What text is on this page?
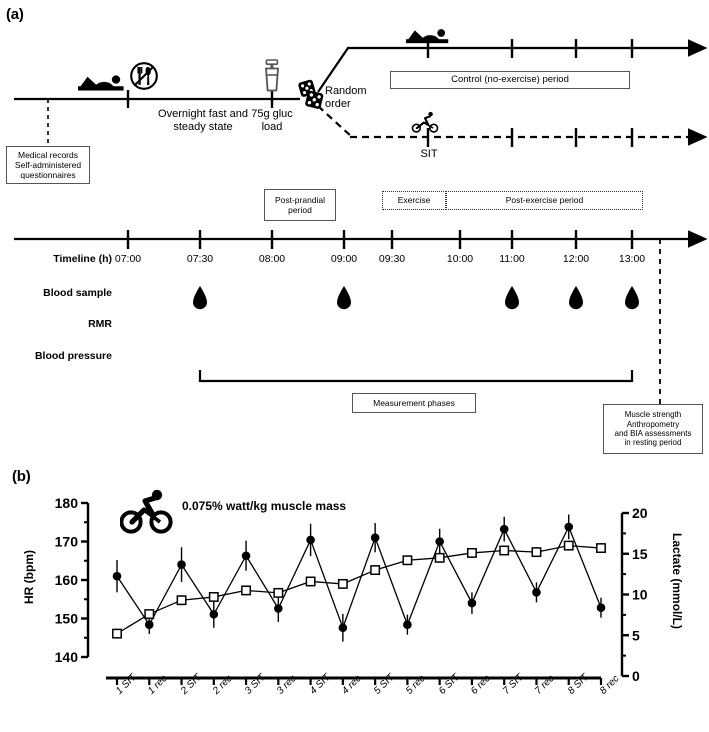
(a)
(b)
Overnight fast and
steady state
75g gluc
load
Random
order
SIT
Medical records
Self-administered
questionnaires
Control (no-exercise) period
Post-prandial
period
Exercise	Post-exercise period
Measurement phases
Muscle strength
Anthropometry
and BIA assessments
in resting period
Timeline (h)
Blood sample
RMR
Blood pressure
07:00	07:30	08:00	09:00	09:30	10:00	11:00	12:00	13:00
140
150
160
170
180
0
5
10
15
20
0.075% watt/kg muscle mass
HR (bpm)	Lactate (mmol/L)
1 SIT 1 rec 2 SIT 2 rec 3 SIT 3 rec 4 SIT 4 rec 5 SIT 5 rec 6 SIT 6 rec 7 SIT 7 rec 8 SIT 8 rec
